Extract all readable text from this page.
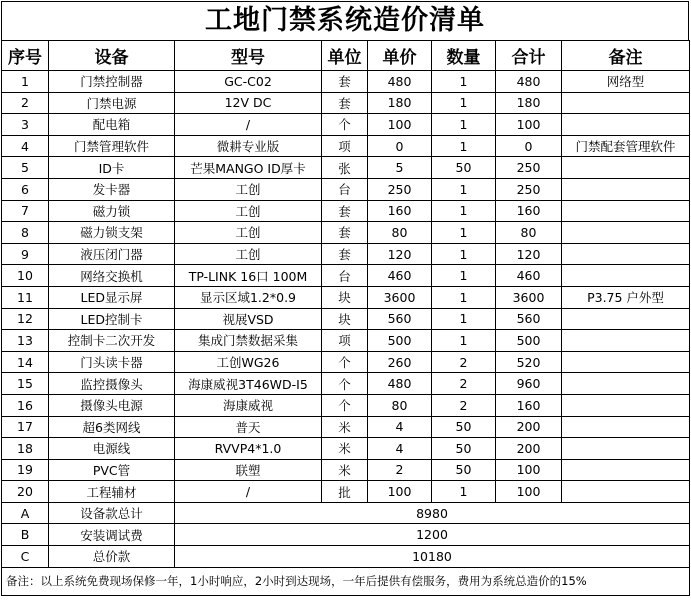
工地门禁系统造价清单
序号	设备	型号	单位	单价	数量	合计	备注
1	门禁控制器	GC-C02	套	480	1	480	网络型
2	门禁电源	12V DC	套	180	1	180	
3	配电箱	/	个	100	1	100	
4	门禁管理软件	微耕专业版	项	0	1	0	门禁配套管理软件
5	ID卡	芒果MANGO ID厚卡	张	5	50	250	
6	发卡器	工创	台	250	1	250	
7	磁力锁	工创	套	160	1	160	
8	磁力锁支架	工创	套	80	1	80	
9	液压闭门器	工创	套	120	1	120	
10	网络交换机	TP-LINK 16口 100M	台	460	1	460	
11	LED显示屏	显示区域1.2*0.9	块	3600	1	3600	P3.75 户外型
12	LED控制卡	视展VSD	块	560	1	560	
13	控制卡二次开发	集成门禁数据采集	项	500	1	500	
14	门头读卡器	工创WG26	个	260	2	520	
15	监控摄像头	海康威视3T46WD-I5	个	480	2	960	
16	摄像头电源	海康威视	个	80	2	160	
17	超6类网线	普天	米	4	50	200	
18	电源线	RVVP4*1.0	米	4	50	200	
19	PVC管	联塑	米	2	50	100	
20	工程辅材	/	批	100	1	100	
A	设备款总计	8980					
B	安装调试费	1200					
C	总价款	10180					
备注：以上系统免费现场保修一年，1小时响应，2小时到达现场，一年后提供有偿服务，费用为系统总造价的15%							
